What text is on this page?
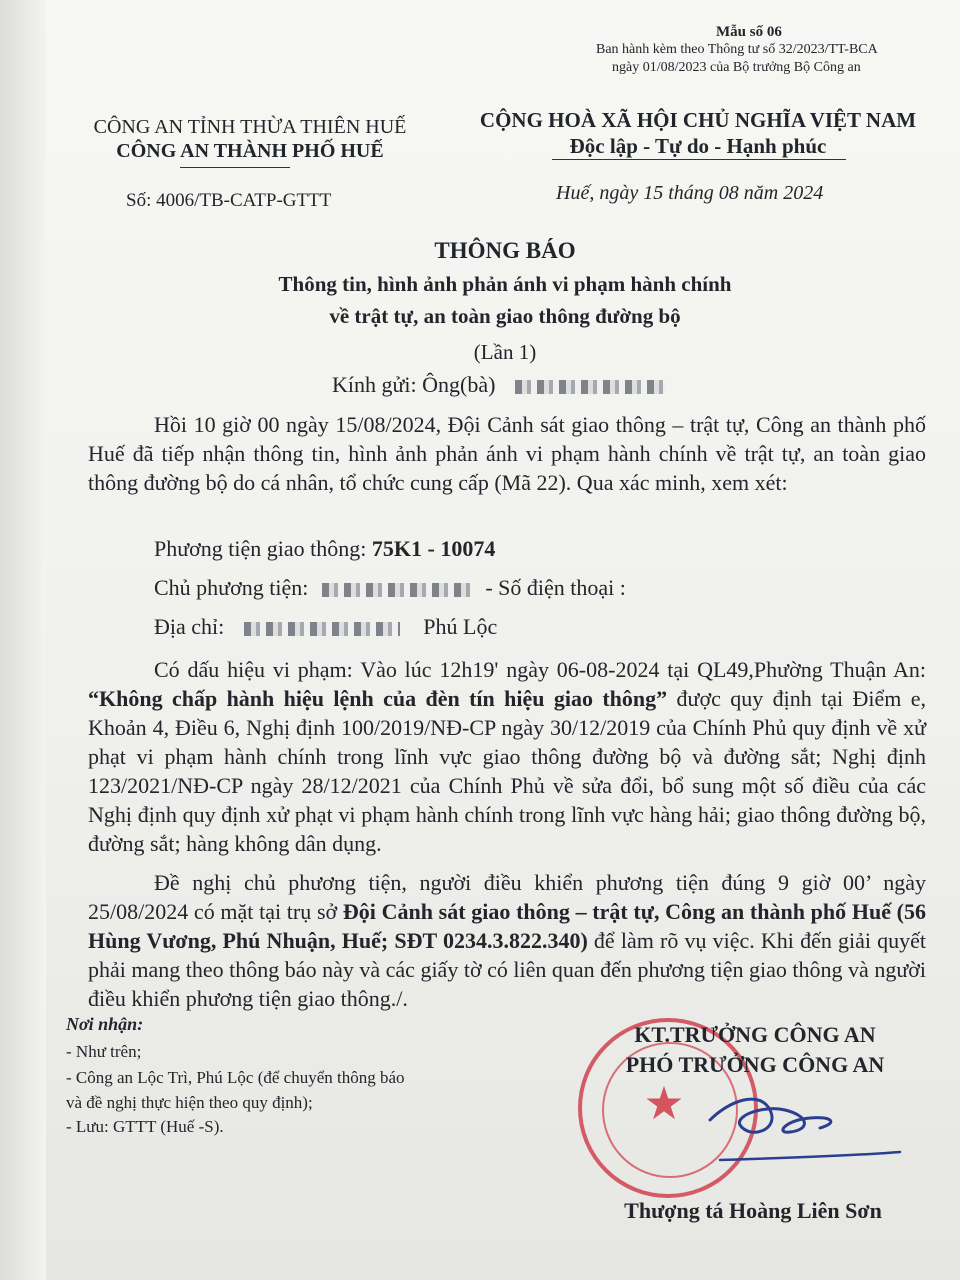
Mẫu số 06
Ban hành kèm theo Thông tư số 32/2023/TT-BCA
ngày 01/08/2023 của Bộ trưởng Bộ Công an
CÔNG AN TỈNH THỪA THIÊN HUẾ
CÔNG AN THÀNH PHỐ HUẾ
Số: 4006/TB-CATP-GTTT
CỘNG HOÀ XÃ HỘI CHỦ NGHĨA VIỆT NAM
Độc lập - Tự do - Hạnh phúc
Huế, ngày 15 tháng 08 năm 2024
THÔNG BÁO
Thông tin, hình ảnh phản ánh vi phạm hành chính
về trật tự, an toàn giao thông đường bộ
(Lần 1)
Kính gửi: Ông(bà)
Hồi 10 giờ 00 ngày 15/08/2024, Đội Cảnh sát giao thông – trật tự, Công an thành phố Huế đã tiếp nhận thông tin, hình ảnh phản ánh vi phạm hành chính về trật tự, an toàn giao thông đường bộ do cá nhân, tổ chức cung cấp (Mã 22). Qua xác minh, xem xét:
Phương tiện giao thông: 75K1 - 10074
Chủ phương tiện:	- Số điện thoại :
Địa chỉ:	Phú Lộc
Có dấu hiệu vi phạm: Vào lúc 12h19' ngày 06-08-2024 tại QL49,Phường Thuận An: “Không chấp hành hiệu lệnh của đèn tín hiệu giao thông” được quy định tại Điểm e, Khoản 4, Điều 6, Nghị định 100/2019/NĐ-CP ngày 30/12/2019 của Chính Phủ quy định về xử phạt vi phạm hành chính trong lĩnh vực giao thông đường bộ và đường sắt; Nghị định 123/2021/NĐ-CP ngày 28/12/2021 của Chính Phủ về sửa đổi, bổ sung một số điều của các Nghị định quy định xử phạt vi phạm hành chính trong lĩnh vực hàng hải; giao thông đường bộ, đường sắt; hàng không dân dụng.
Đề nghị chủ phương tiện, người điều khiển phương tiện đúng 9 giờ 00’ ngày 25/08/2024 có mặt tại trụ sở Đội Cảnh sát giao thông – trật tự, Công an thành phố Huế (56 Hùng Vương, Phú Nhuận, Huế; SĐT 0234.3.822.340) để làm rõ vụ việc. Khi đến giải quyết phải mang theo thông báo này và các giấy tờ có liên quan đến phương tiện giao thông và người điều khiển phương tiện giao thông./.
Nơi nhận:
- Như trên;
- Công an Lộc Trì, Phú Lộc (để chuyển thông báo
và đề nghị thực hiện theo quy định);
- Lưu: GTTT (Huế -S).	★
KT.TRƯỞNG CÔNG AN
PHÓ TRƯỞNG CÔNG AN
Thượng tá Hoàng Liên Sơn
